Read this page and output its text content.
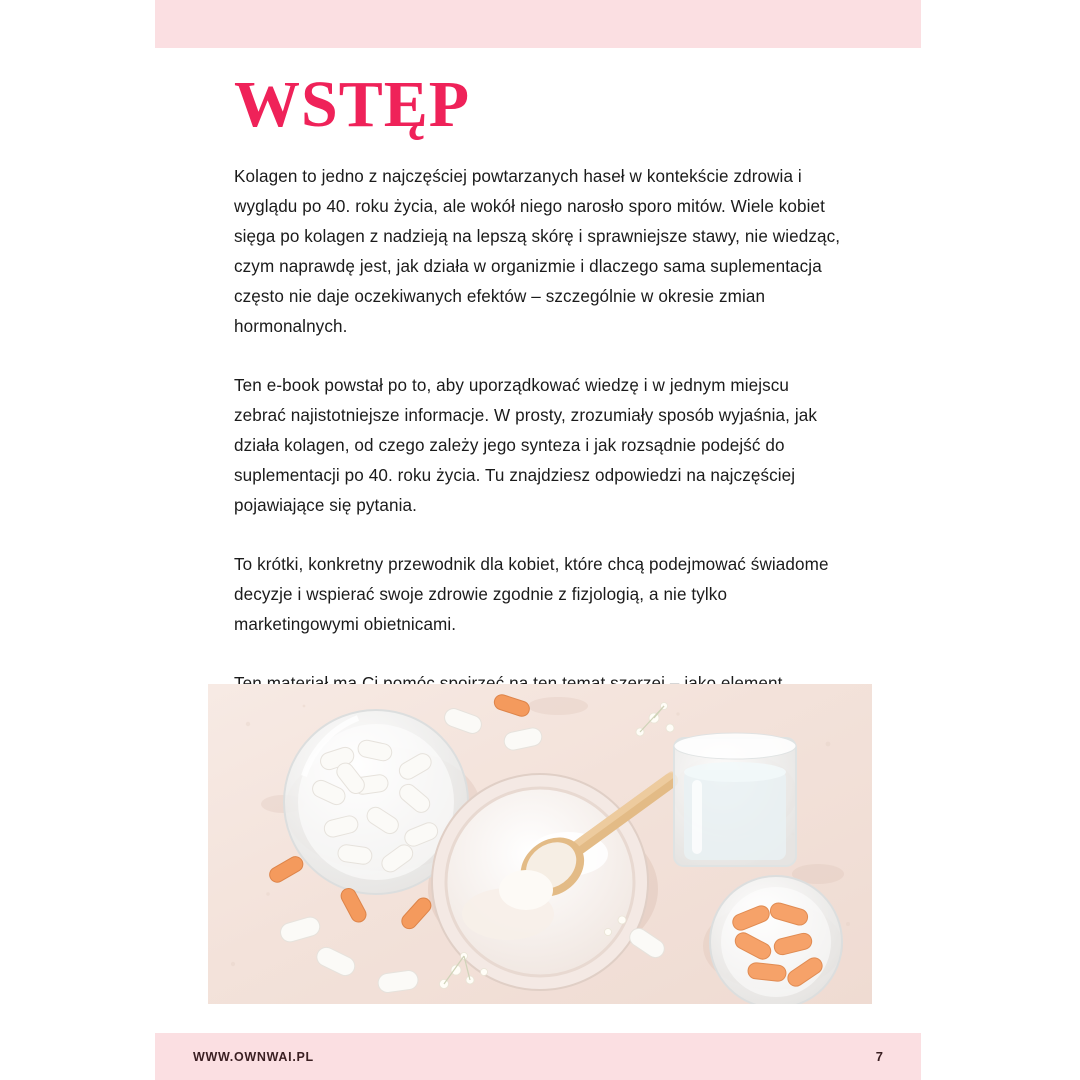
WSTĘP

Kolagen to jedno z najczęściej powtarzanych haseł w kontekście zdrowia i wyglądu po 40. roku życia, ale wokół niego narosło sporo mitów. Wiele kobiet sięga po kolagen z nadzieją na lepszą skórę i sprawniejsze stawy, nie wiedząc, czym naprawdę jest, jak działa w organizmie i dlaczego sama suplementacja często nie daje oczekiwanych efektów – szczególnie w okresie zmian hormonalnych.

Ten e-book powstał po to, aby uporządkować wiedzę i w jednym miejscu zebrać najistotniejsze informacje. W prosty, zrozumiały sposób wyjaśnia, jak działa kolagen, od czego zależy jego synteza i jak rozsądnie podejść do suplementacji po 40. roku życia. Tu znajdziesz odpowiedzi na najczęściej pojawiające się pytania.

To krótki, konkretny przewodnik dla kobiet, które chcą podejmować świadome decyzje i wspierać swoje zdrowie zgodnie z fizjologią, a nie tylko marketingowymi obietnicami.

WWW.OWNWAI.PL	7
